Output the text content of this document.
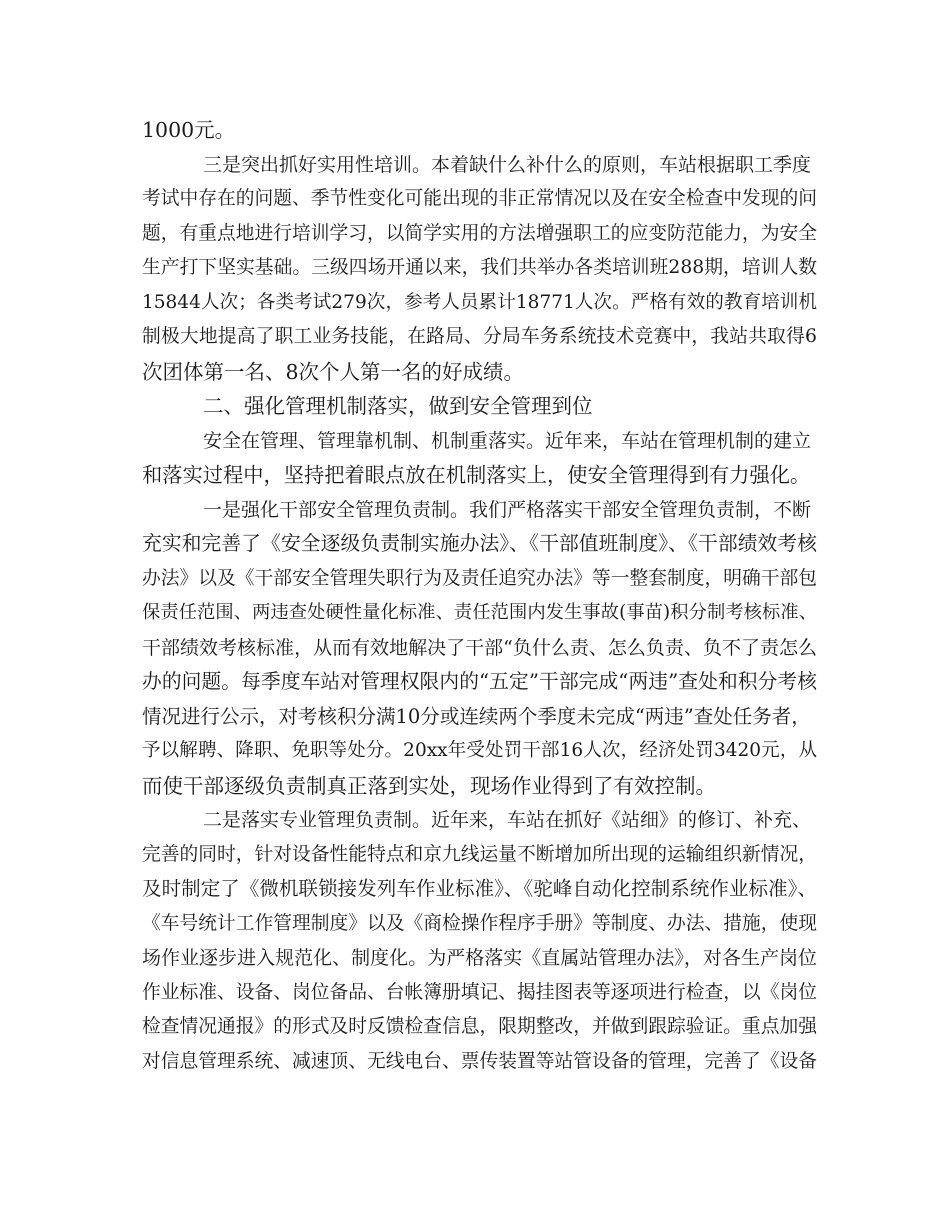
1000元。
三是突出抓好实用性培训。本着缺什么补什么的原则，车站根据职工季度
考试中存在的问题、季节性变化可能出现的非正常情况以及在安全检查中发现的问
题，有重点地进行培训学习，以简学实用的方法增强职工的应变防范能力，为安全
生产打下坚实基础。三级四场开通以来，我们共举办各类培训班288期，培训人数
15844人次；各类考试279次，参考人员累计18771人次。严格有效的教育培训机
制极大地提高了职工业务技能，在路局、分局车务系统技术竞赛中，我站共取得6
次团体第一名、8次个人第一名的好成绩。
二、强化管理机制落实，做到安全管理到位
安全在管理、管理靠机制、机制重落实。近年来，车站在管理机制的建立
和落实过程中，坚持把着眼点放在机制落实上，使安全管理得到有力强化。
一是强化干部安全管理负责制。我们严格落实干部安全管理负责制，不断
充实和完善了《安全逐级负责制实施办法》、《干部值班制度》、《干部绩效考核
办法》以及《干部安全管理失职行为及责任追究办法》等一整套制度，明确干部包
保责任范围、两违查处硬性量化标准、责任范围内发生事故(事苗)积分制考核标准、
干部绩效考核标准，从而有效地解决了干部“负什么责、怎么负责、负不了责怎么
办的问题。每季度车站对管理权限内的“五定”干部完成“两违”查处和积分考核
情况进行公示，对考核积分满10分或连续两个季度未完成“两违”查处任务者，
予以解聘、降职、免职等处分。20xx年受处罚干部16人次，经济处罚3420元，从
而使干部逐级负责制真正落到实处，现场作业得到了有效控制。
二是落实专业管理负责制。近年来，车站在抓好《站细》的修订、补充、
完善的同时，针对设备性能特点和京九线运量不断增加所出现的运输组织新情况，
及时制定了《微机联锁接发列车作业标准》、《驼峰自动化控制系统作业标准》、
《车号统计工作管理制度》以及《商检操作程序手册》等制度、办法、措施，使现
场作业逐步进入规范化、制度化。为严格落实《直属站管理办法》，对各生产岗位
作业标准、设备、岗位备品、台帐簿册填记、揭挂图表等逐项进行检查，以《岗位
检查情况通报》的形式及时反馈检查信息，限期整改，并做到跟踪验证。重点加强
对信息管理系统、减速顶、无线电台、票传装置等站管设备的管理，完善了《设备
